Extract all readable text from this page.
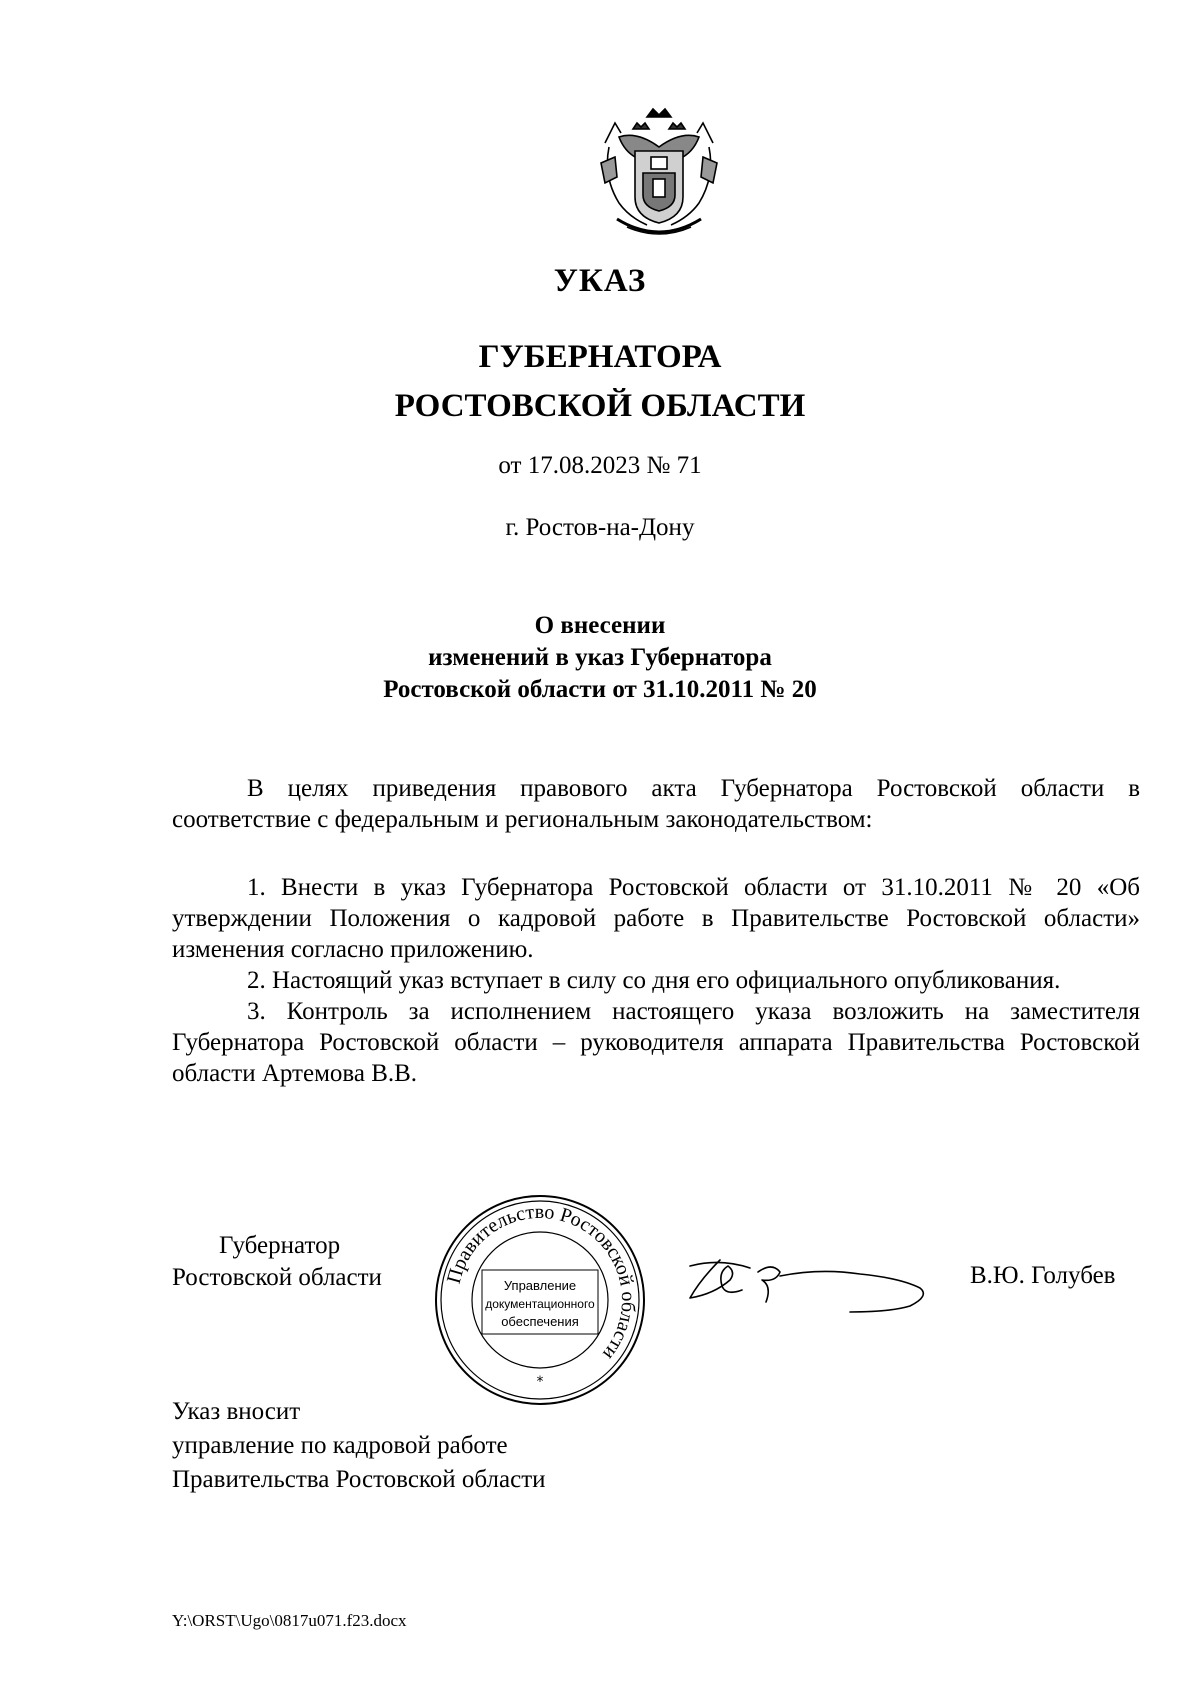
УКАЗ
ГУБЕРНАТОРА
РОСТОВСКОЙ ОБЛАСТИ
от 17.08.2023 № 71
г. Ростов-на-Дону
О внесении
изменений в указ Губернатора
Ростовской области от 31.10.2011 № 20

В целях приведения правового акта Губернатора Ростовской области в соответствие с федеральным и региональным законодательством:

1. Внести в указ Губернатора Ростовской области от 31.10.2011 № 20 «Об утверждении Положения о кадровой работе в Правительстве Ростовской области» изменения согласно приложению.

2. Настоящий указ вступает в силу со дня его официального опубликования.

3. Контроль за исполнением настоящего указа возложить на заместителя Губернатора Ростовской области – руководителя аппарата Правительства Ростовской области Артемова В.В.

Губернатор
Ростовской области	Правительство Ростовской области
Управление
документационного
обеспечения
*
В.Ю. Голубев
Указ вносит
управление по кадровой работе
Правительства Ростовской области
Y:\ORST\Ugo\0817u071.f23.docx
